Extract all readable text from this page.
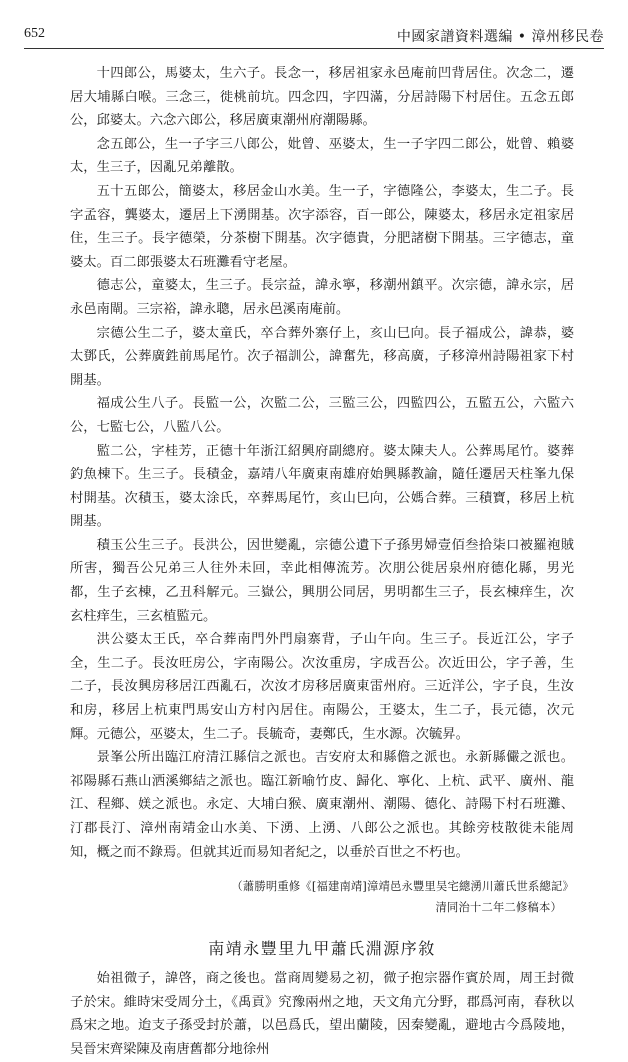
652	中國家譜資料選編 • 漳州移民卷

十四郎公，馬婆太，生六子。長念一，移居祖家永邑庵前凹背居住。次念二，遷居大埔縣白喉。三念三，徙桃前坑。四念四，字四滿，分居詩陽下村居住。五念五郎公，邱婆太。六念六郎公，移居廣東潮州府潮陽縣。

念五郎公，生一子字三八郎公，妣曾、巫婆太，生一子字四二郎公，妣曾、賴婆太，生三子，因亂兄弟離散。

五十五郎公，簡婆太，移居金山水美。生一子，字德隆公，李婆太，生二子。長字孟容，龔婆太，遷居上下湧開基。次字添容，百一郎公，陳婆太，移居永定祖家居住，生三子。長字德榮，分茶樹下開基。次字德貴，分肥諸樹下開基。三字德志，童婆太。百二郎張婆太石班灘看守老屋。

德志公，童婆太，生三子。長宗益，諱永寧，移潮州鎮平。次宗德，諱永宗，居永邑南閘。三宗裕，諱永聰，居永邑溪南庵前。

宗德公生二子，婆太童氏，卒合葬外寨仔上，亥山巳向。長子福成公，諱恭，婆太鄧氏，公葬廣鉎前馬尾竹。次子福訓公，諱奮先，移高廣，子移漳州詩陽祖家下村開基。

福成公生八子。長監一公，次監二公，三監三公，四監四公，五監五公，六監六公，七監七公，八監八公。

監二公，字桂芳，正德十年浙江紹興府副總府。婆太陳夫人。公葬馬尾竹。婆葬釣魚棟下。生三子。長積金，嘉靖八年廣東南雄府始興縣教諭，隨任遷居天柱峯九保村開基。次積玉，婆太涂氏，卒葬馬尾竹，亥山巳向，公媽合葬。三積寶，移居上杭開基。

積玉公生三子。長洪公，因世變亂，宗德公遺下子孫男婦壹佰叁拾柒口被羅袍賊所害，獨吾公兄弟三人往外未回，幸此相傳流芳。次朋公徙居泉州府德化縣，男光都，生子玄棟，乙丑科解元。三嶽公，興朋公同居，男明都生三子，長玄棟痒生，次玄柱痒生，三玄植監元。

洪公婆太王氏，卒合葬南門外門扇寨背，子山午向。生三子。長近江公，字子全，生二子。長汝旺房公，字南陽公。次汝重房，字成吾公。次近田公，字子善，生二子，長汝興房移居江西亂石，次汝才房移居廣東雷州府。三近洋公，字子良，生汝和房，移居上杭東門馬安山方村內居住。南陽公，王婆太，生二子，長元德，次元輝。元德公，巫婆太，生二子。長毓奇，妻鄭氏，生水源。次毓昇。

景峯公所出臨江府清江縣信之派也。吉安府太和縣儋之派也。永新縣儼之派也。祁陽縣石燕山洒溪鄉結之派也。臨江新喻竹皮、歸化、寧化、上杭、武平、廣州、龍江、程鄉、媄之派也。永定、大埔白猴、廣東潮州、潮陽、德化、詩陽下村石班灘、汀郡長汀、漳州南靖金山水美、下湧、上湧、八郎公之派也。其餘旁枝散徙未能周知，概之而不錄焉。但就其近而易知者紀之，以垂於百世之不朽也。

（蕭勝明重修《[福建南靖]漳靖邑永豐里吴宅總湧川蕭氏世系總記》

清同治十二年二修稿本）

南靖永豐里九甲蕭氏淵源序敘

始祖微子，諱啓，商之後也。當商周變易之初，微子抱宗器作賓於周，周王封微子於宋。維時宋受周分土，《禹貢》究豫兩州之地，天文角亢分野，郡爲河南，春秋以爲宋之地。迨支子孫受封於蕭，以邑爲氏，望出蘭陵，因秦變亂，避地古今爲陵地，吴晉宋齊梁陳及南唐舊都分地徐州
